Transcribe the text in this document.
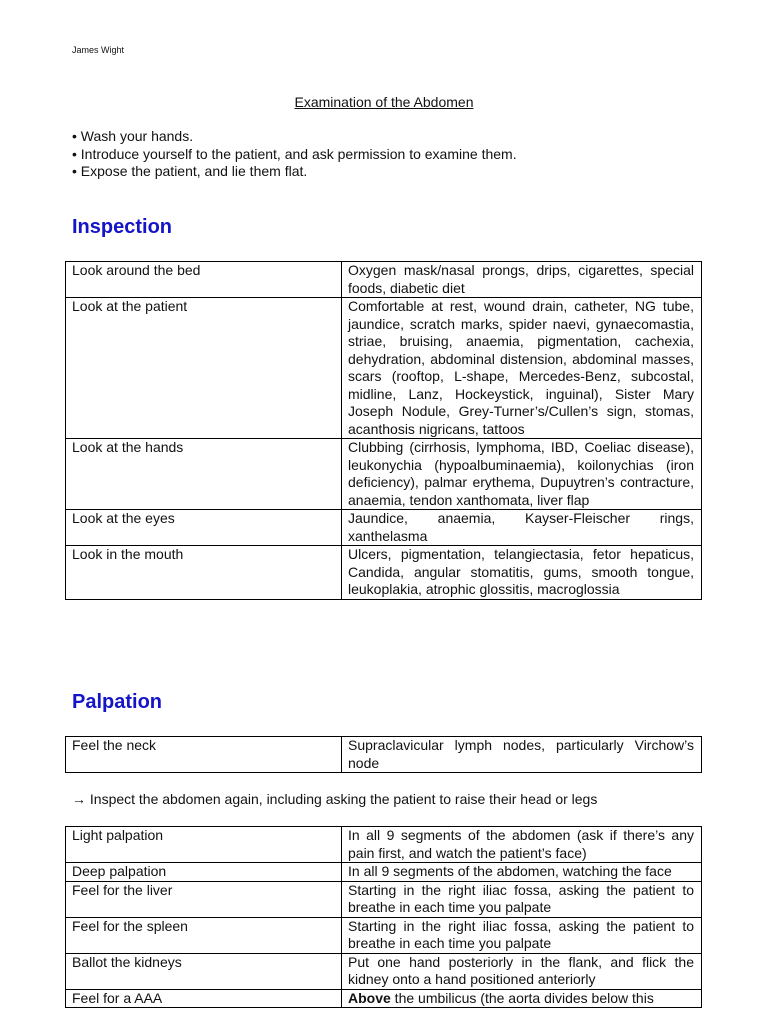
James Wight
Examination of the Abdomen
• Wash your hands.
• Introduce yourself to the patient, and ask permission to examine them.
• Expose the patient, and lie them flat.
Inspection
Look around the bed	Oxygen mask/nasal prongs, drips, cigarettes, special foods, diabetic diet
Look at the patient	Comfortable at rest, wound drain, catheter, NG tube, jaundice, scratch marks, spider naevi, gynaecomastia, striae, bruising, anaemia, pigmentation, cachexia, dehydration, abdominal distension, abdominal masses, scars (rooftop, L-shape, Mercedes-Benz, subcostal, midline, Lanz, Hockeystick, inguinal), Sister Mary Joseph Nodule, Grey-Turner’s/Cullen’s sign, stomas, acanthosis nigricans, tattoos
Look at the hands	Clubbing (cirrhosis, lymphoma, IBD, Coeliac disease), leukonychia (hypoalbuminaemia), koilonychias (iron deficiency), palmar erythema, Dupuytren’s contracture, anaemia, tendon xanthomata, liver flap
Look at the eyes	Jaundice, anaemia, Kayser-Fleischer rings, xanthelasma
Look in the mouth	Ulcers, pigmentation, telangiectasia, fetor hepaticus, Candida, angular stomatitis, gums, smooth tongue, leukoplakia, atrophic glossitis, macroglossia
Palpation
Feel the neck	Supraclavicular lymph nodes, particularly Virchow’s node
→ Inspect the abdomen again, including asking the patient to raise their head or legs
Light palpation	In all 9 segments of the abdomen (ask if there’s any pain first, and watch the patient’s face)
Deep palpation	In all 9 segments of the abdomen, watching the face
Feel for the liver	Starting in the right iliac fossa, asking the patient to breathe in each time you palpate
Feel for the spleen	Starting in the right iliac fossa, asking the patient to breathe in each time you palpate
Ballot the kidneys	Put one hand posteriorly in the flank, and flick the kidney onto a hand positioned anteriorly
Feel for a AAA	Above the umbilicus (the aorta divides below this
